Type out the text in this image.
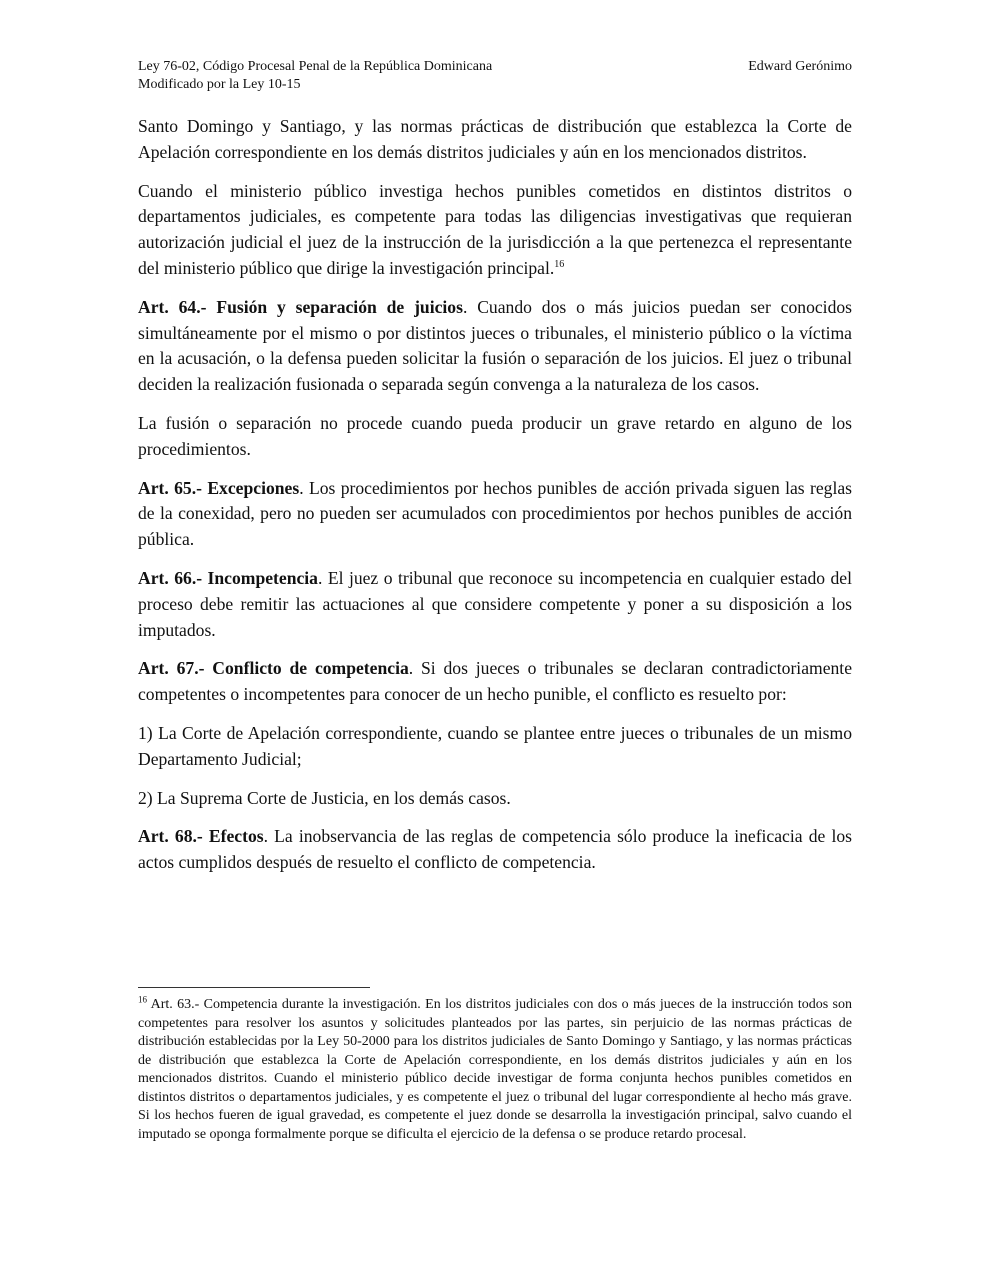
Ley 76-02, Código Procesal Penal de la República Dominicana
Modificado por la Ley 10-15
Edward Gerónimo

Santo Domingo y Santiago, y las normas prácticas de distribución que establezca la Corte de Apelación correspondiente en los demás distritos judiciales y aún en los mencionados distritos.

Cuando el ministerio público investiga hechos punibles cometidos en distintos distritos o departamentos judiciales, es competente para todas las diligencias investigativas que requieran autorización judicial el juez de la instrucción de la jurisdicción a la que pertenezca el representante del ministerio público que dirige la investigación principal.$^{16}$

Art. 64.- Fusión y separación de juicios. Cuando dos o más juicios puedan ser conocidos simultáneamente por el mismo o por distintos jueces o tribunales, el ministerio público o la víctima en la acusación, o la defensa pueden solicitar la fusión o separación de los juicios. El juez o tribunal deciden la realización fusionada o separada según convenga a la naturaleza de los casos.

La fusión o separación no procede cuando pueda producir un grave retardo en alguno de los procedimientos.

Art. 65.- Excepciones. Los procedimientos por hechos punibles de acción privada siguen las reglas de la conexidad, pero no pueden ser acumulados con procedimientos por hechos punibles de acción pública.

Art. 66.- Incompetencia. El juez o tribunal que reconoce su incompetencia en cualquier estado del proceso debe remitir las actuaciones al que considere competente y poner a su disposición a los imputados.

Art. 67.- Conflicto de competencia. Si dos jueces o tribunales se declaran contradictoriamente competentes o incompetentes para conocer de un hecho punible, el conflicto es resuelto por:

1) La Corte de Apelación correspondiente, cuando se plantee entre jueces o tribunales de un mismo Departamento Judicial;

2) La Suprema Corte de Justicia, en los demás casos.

Art. 68.- Efectos. La inobservancia de las reglas de competencia sólo produce la ineficacia de los actos cumplidos después de resuelto el conflicto de competencia.

$^{16}$ Art. 63.- Competencia durante la investigación. En los distritos judiciales con dos o más jueces de la instrucción todos son competentes para resolver los asuntos y solicitudes planteados por las partes, sin perjuicio de las normas prácticas de distribución establecidas por la Ley 50-2000 para los distritos judiciales de Santo Domingo y Santiago, y las normas prácticas de distribución que establezca la Corte de Apelación correspondiente, en los demás distritos judiciales y aún en los mencionados distritos. Cuando el ministerio público decide investigar de forma conjunta hechos punibles cometidos en distintos distritos o departamentos judiciales, y es competente el juez o tribunal del lugar correspondiente al hecho más grave. Si los hechos fueren de igual gravedad, es competente el juez donde se desarrolla la investigación principal, salvo cuando el imputado se oponga formalmente porque se dificulta el ejercicio de la defensa o se produce retardo procesal.
